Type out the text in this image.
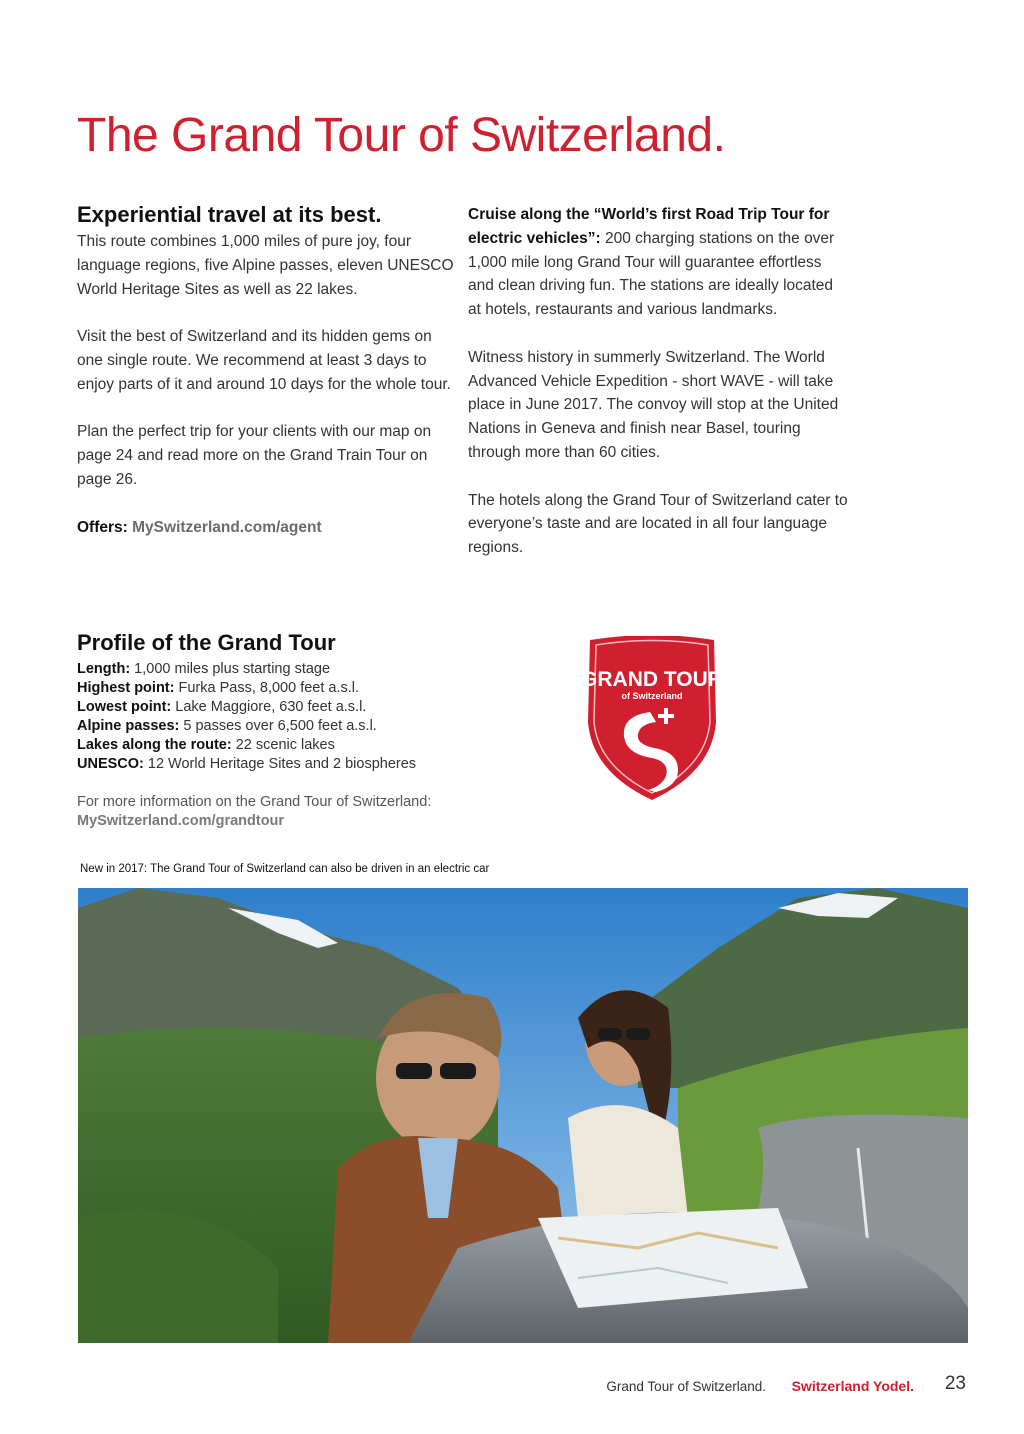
The Grand Tour of Switzerland.
Experiential travel at its best.

This route combines 1,000 miles of pure joy, four language regions, five Alpine passes, eleven UNESCO World Heritage Sites as well as 22 lakes.

Visit the best of Switzerland and its hidden gems on one single route. We recommend at least 3 days to enjoy parts of it and around 10 days for the whole tour.

Plan the perfect trip for your clients with our map on page 24 and read more on the Grand Train Tour on page 26.

Offers: MySwitzerland.com/agent

Cruise along the “World’s first Road Trip Tour for electric vehicles”: 200 charging stations on the over 1,000 mile long Grand Tour will guarantee effortless and clean driving fun. The stations are ideally located at hotels, restaurants and various landmarks.

Witness history in summerly Switzerland. The World Advanced Vehicle Expedition - short WAVE - will take place in June 2017. The convoy will stop at the United Nations in Geneva and finish near Basel, touring through more than 60 cities.

The hotels along the Grand Tour of Switzerland cater to everyone’s taste and are located in all four language regions.

Profile of the Grand Tour
Length: 1,000 miles plus starting stage
Highest point: Furka Pass, 8,000 feet a.s.l.
Lowest point: Lake Maggiore, 630 feet a.s.l.
Alpine passes: 5 passes over 6,500 feet a.s.l.
Lakes along the route: 22 scenic lakes
UNESCO: 12 World Heritage Sites and 2 biospheres
For more information on the Grand Tour of Switzerland:
MySwitzerland.com/grandtour
GRAND TOUR
of Switzerland
New in 2017: The Grand Tour of Switzerland can also be driven in an electric car
Grand Tour of Switzerland. Switzerland Yodel. 23
